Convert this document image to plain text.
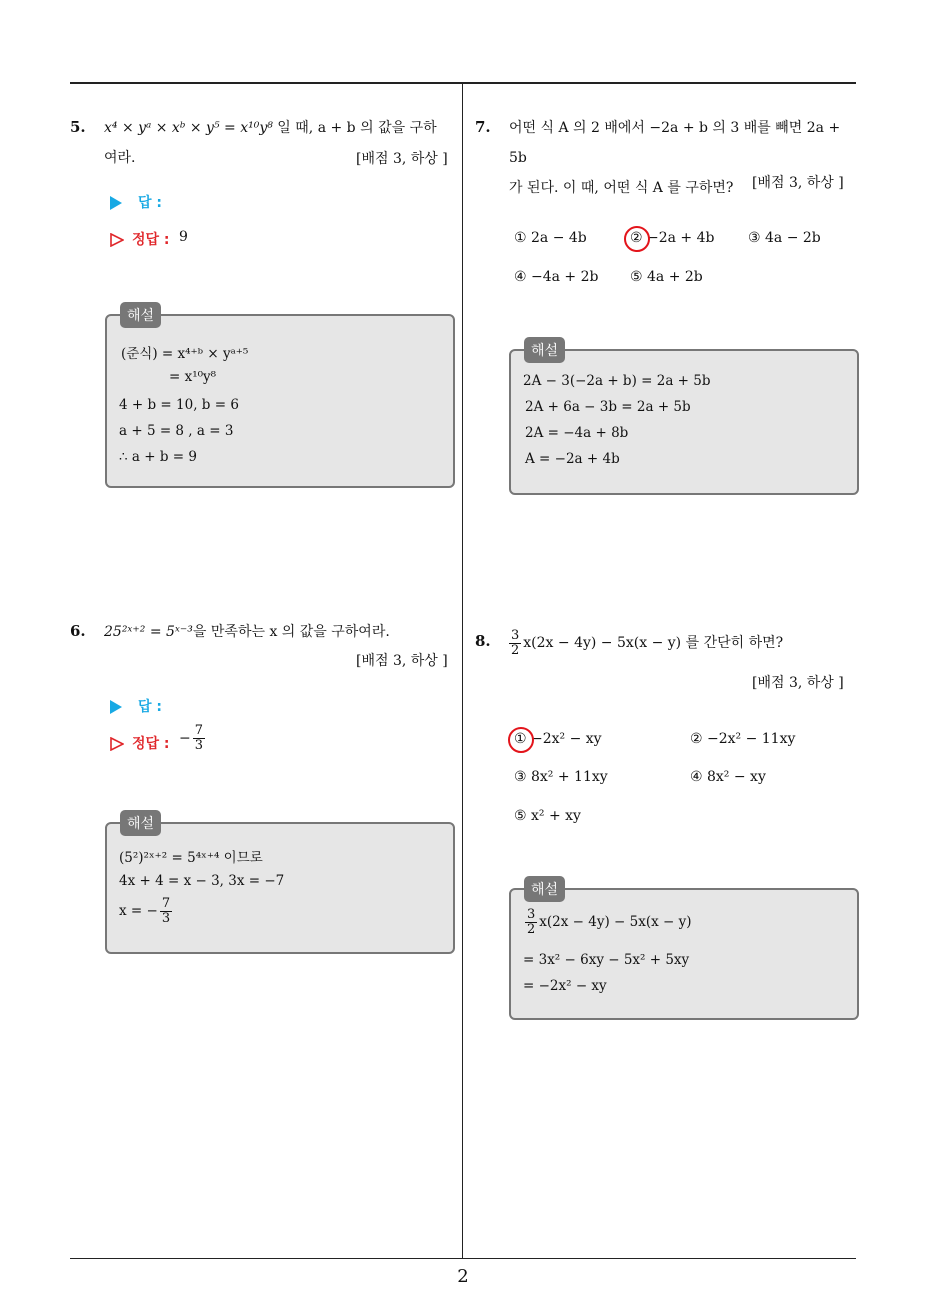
5. x⁴ × yᵃ × xᵇ × y⁵ = x¹⁰y⁸ 일 때, a + b 의 값을 구하
여라.	[배점 3, 하상 ]
답 :
정답 : 9
(준식) = x⁴⁺ᵇ × yᵃ⁺⁵
= x¹⁰y⁸
4 + b = 10, b = 6
a + 5 = 8 , a = 3
∴ a + b = 9
해설
6. 25²ˣ⁺² = 5ˣ⁻³을 만족하는 x 의 값을 구하여라.
[배점 3, 하상 ]
답 :
정답 : − $\frac{7}{3}$
(5²)²ˣ⁺² = 5⁴ˣ⁺⁴ 이므로
4x + 4 = x − 3, 3x = −7
x = − $\frac{7}{3}$
해설
7. 어떤 식 A 의 2 배에서 −2a + b 의 3 배를 빼면 2a + 5b
가 된다. 이 때, 어떤 식 A 를 구하면?	[배점 3, 하상 ]
① 2a − 4b	② −2a + 4b ③ 4a − 2b
④ −4a + 2b ⑤ 4a + 2b
2A − 3(−2a + b) = 2a + 5b
2A + 6a − 3b = 2a + 5b
2A = −4a + 8b
A = −2a + 4b
해설
8. $\frac{3}{2} x(2x - 4y) - 5x(x - y)$ 를 간단히 하면?
[배점 3, 하상 ]
① −2x² − xy	② −2x² − 11xy
③ 8x² + 11xy	④ 8x² − xy
⑤ x² + xy
$\frac{3}{2} x(2x - 4y) - 5x(x - y)$
= 3x² − 6xy − 5x² + 5xy
= −2x² − xy
해설
2
